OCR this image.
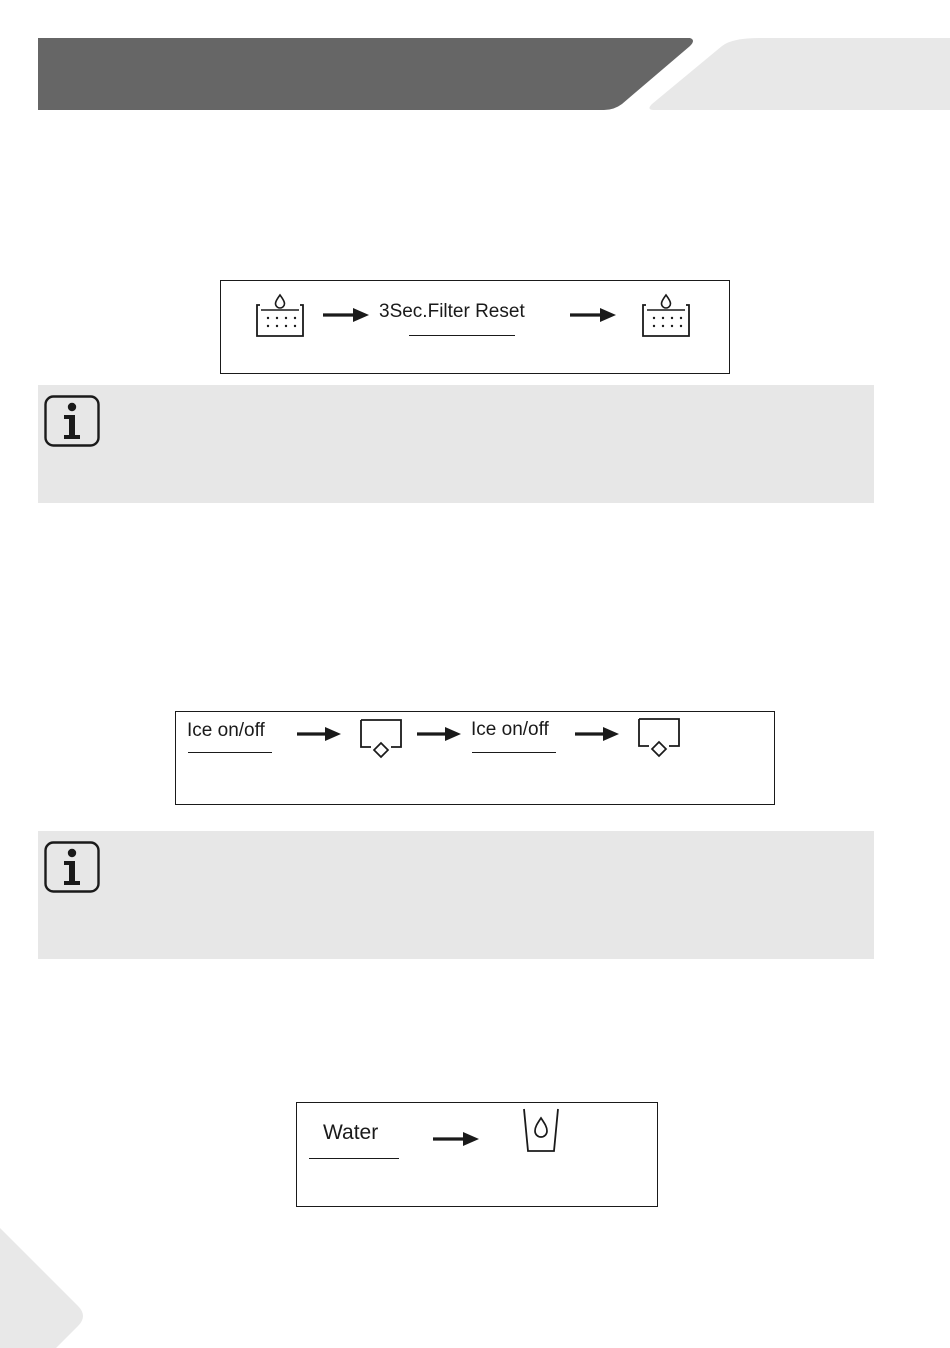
3Sec.Filter Reset
Ice on/off	Ice on/off
Water
